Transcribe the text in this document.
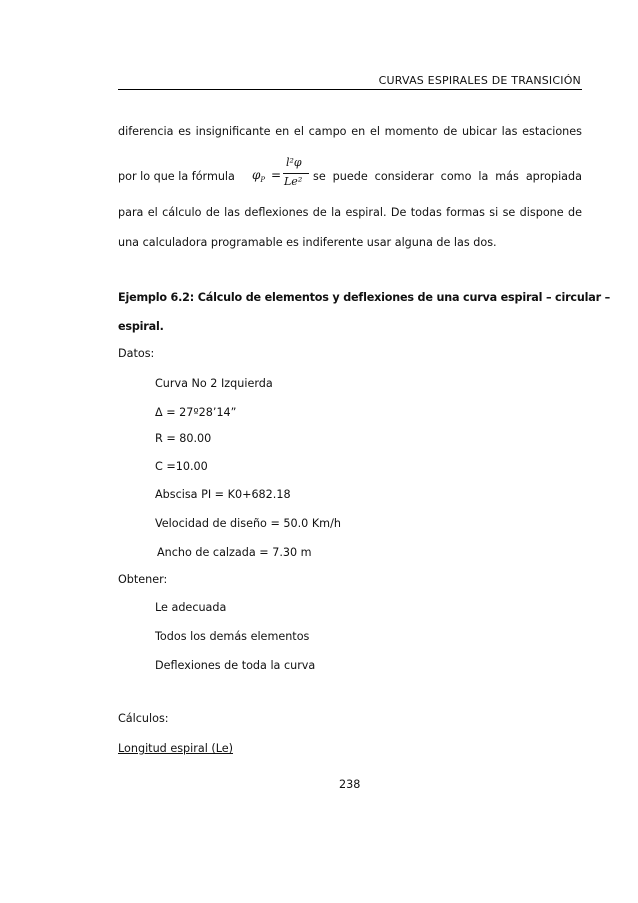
CURVAS ESPIRALES DE TRANSICIÓN
diferencia es insignificante en el campo en el momento de ubicar las estaciones
por lo que la fórmula $\varphi_P$ =
l²φ
Le² se puede considerar como la más apropiada
para el cálculo de las deflexiones de la espiral. De todas formas si se dispone de
una calculadora programable es indiferente usar alguna de las dos.
Ejemplo 6.2: Cálculo de elementos y deflexiones de una curva espiral – circular –
espiral.
Datos:
Curva No 2 Izquierda
Δ = 27º28’14”
R = 80.00
C =10.00
Abscisa PI = K0+682.18
Velocidad de diseño = 50.0 Km/h
Ancho de calzada = 7.30 m
Obtener:
Le adecuada
Todos los demás elementos
Deflexiones de toda la curva
Cálculos:
Longitud espiral (Le)
238
